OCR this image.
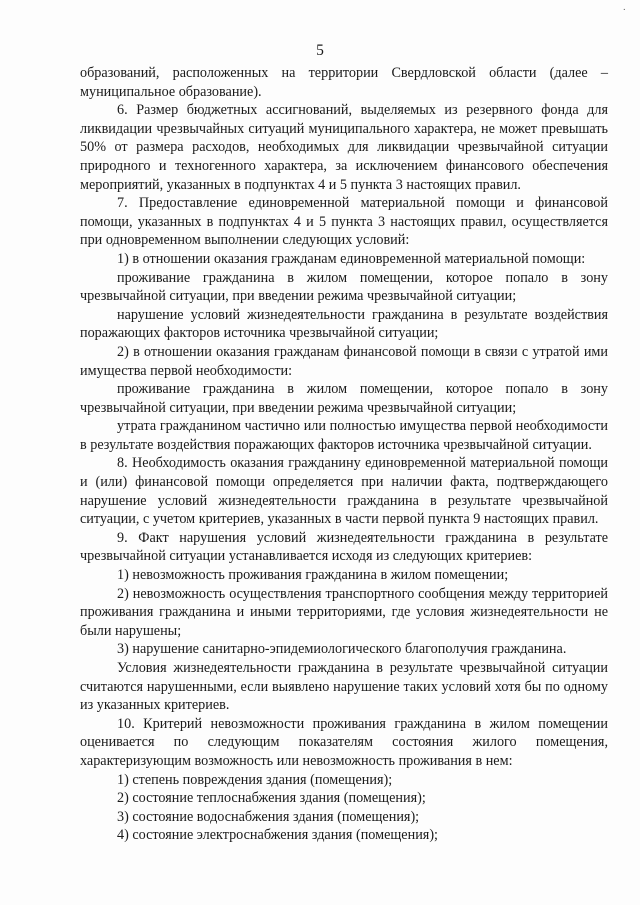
·
5

образований, расположенных на территории Свердловской области (далее – муниципальное образование).

6. Размер бюджетных ассигнований, выделяемых из резервного фонда для ликвидации чрезвычайных ситуаций муниципального характера, не может превышать 50% от размера расходов, необходимых для ликвидации чрезвычайной ситуации природного и техногенного характера, за исключением финансового обеспечения мероприятий, указанных в подпунктах 4 и 5 пункта 3 настоящих правил.

7. Предоставление единовременной материальной помощи и финансовой помощи, указанных в подпунктах 4 и 5 пункта 3 настоящих правил, осуществляется при одновременном выполнении следующих условий:

1) в отношении оказания гражданам единовременной материальной помощи:

проживание гражданина в жилом помещении, которое попало в зону чрезвычайной ситуации, при введении режима чрезвычайной ситуации;

нарушение условий жизнедеятельности гражданина в результате воздействия поражающих факторов источника чрезвычайной ситуации;

2) в отношении оказания гражданам финансовой помощи в связи с утратой ими имущества первой необходимости:

проживание гражданина в жилом помещении, которое попало в зону чрезвычайной ситуации, при введении режима чрезвычайной ситуации;

утрата гражданином частично или полностью имущества первой необходимости в результате воздействия поражающих факторов источника чрезвычайной ситуации.

8. Необходимость оказания гражданину единовременной материальной помощи и (или) финансовой помощи определяется при наличии факта, подтверждающего нарушение условий жизнедеятельности гражданина в результате чрезвычайной ситуации, с учетом критериев, указанных в части первой пункта 9 настоящих правил.

9. Факт нарушения условий жизнедеятельности гражданина в результате чрезвычайной ситуации устанавливается исходя из следующих критериев:

1) невозможность проживания гражданина в жилом помещении;

2) невозможность осуществления транспортного сообщения между территорией проживания гражданина и иными территориями, где условия жизнедеятельности не были нарушены;

3) нарушение санитарно-эпидемиологического благополучия гражданина.

Условия жизнедеятельности гражданина в результате чрезвычайной ситуации считаются нарушенными, если выявлено нарушение таких условий хотя бы по одному из указанных критериев.

10. Критерий невозможности проживания гражданина в жилом помещении оценивается по следующим показателям состояния жилого помещения, характеризующим возможность или невозможность проживания в нем:

1) степень повреждения здания (помещения);

2) состояние теплоснабжения здания (помещения);

3) состояние водоснабжения здания (помещения);

4) состояние электроснабжения здания (помещения);
